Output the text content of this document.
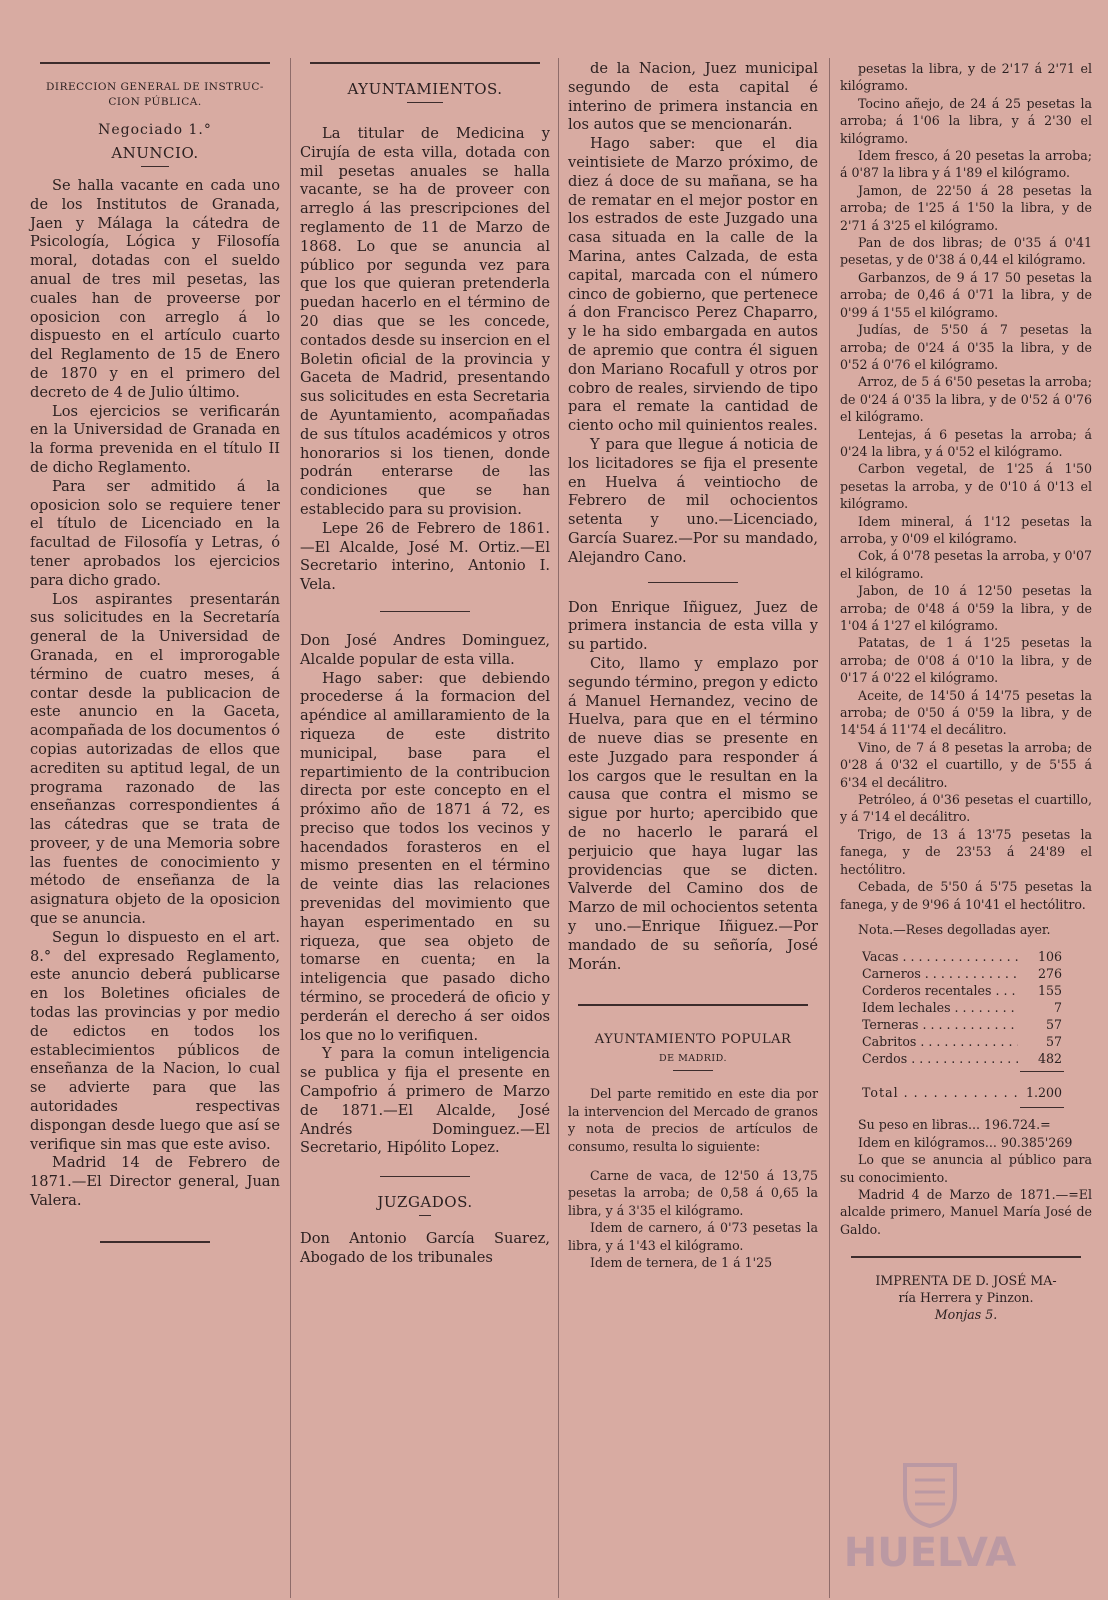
DIRECCION GENERAL DE INSTRUC- CION PÚBLICA.
Negociado 1.°
ANUNCIO.

Se halla vacante en cada uno de los Institutos de Granada, Jaen y Málaga la cátedra de Psicología, Lógica y Filosofía moral, dotadas con el sueldo anual de tres mil pesetas, las cuales han de proveerse por oposicion con arreglo á lo dispuesto en el artículo cuarto del Reglamento de 15 de Enero de 1870 y en el primero del decreto de 4 de Julio último.

Los ejercicios se verificarán en la Universidad de Granada en la forma prevenida en el título II de dicho Reglamento.

Para ser admitido á la oposicion solo se requiere tener el título de Licenciado en la facultad de Filosofía y Letras, ó tener aprobados los ejercicios para dicho grado.

Los aspirantes presentarán sus solicitudes en la Secretaría general de la Universidad de Granada, en el improrogable término de cuatro meses, á contar desde la publicacion de este anuncio en la Gaceta, acompañada de los documentos ó copias autorizadas de ellos que acrediten su aptitud legal, de un programa razonado de las enseñanzas correspondientes á las cátedras que se trata de proveer, y de una Memoria sobre las fuentes de conocimiento y método de enseñanza de la asignatura objeto de la oposicion que se anuncia.

Segun lo dispuesto en el art. 8.° del expresado Reglamento, este anuncio deberá publicarse en los Boletines oficiales de todas las provincias y por medio de edictos en todos los establecimientos públicos de enseñanza de la Nacion, lo cual se advierte para que las autoridades respectivas dispongan desde luego que así se verifique sin mas que este aviso.

Madrid 14 de Febrero de 1871.—El Director general, Juan Valera.

AYUNTAMIENTOS.

La titular de Medicina y Cirujía de esta villa, dotada con mil pesetas anuales se halla vacante, se ha de proveer con arreglo á las prescripciones del reglamento de 11 de Marzo de 1868. Lo que se anuncia al público por segunda vez para que los que quieran pretenderla puedan hacerlo en el término de 20 dias que se les concede, contados desde su insercion en el Boletin oficial de la provincia y Gaceta de Madrid, presentando sus solicitudes en esta Secretaria de Ayuntamiento, acompañadas de sus títulos académicos y otros honorarios si los tienen, donde podrán enterarse de las condiciones que se han establecido para su provision.

Lepe 26 de Febrero de 1861.—El Alcalde, José M. Ortiz.—El Secretario interino, Antonio I. Vela.

Don José Andres Dominguez, Alcalde popular de esta villa.

Hago saber: que debiendo procederse á la formacion del apéndice al amillaramiento de la riqueza de este distrito municipal, base para el repartimiento de la contribucion directa por este concepto en el próximo año de 1871 á 72, es preciso que todos los vecinos y hacendados forasteros en el mismo presenten en el término de veinte dias las relaciones prevenidas del movimiento que hayan esperimentado en su riqueza, que sea objeto de tomarse en cuenta; en la inteligencia que pasado dicho término, se procederá de oficio y perderán el derecho á ser oidos los que no lo verifiquen.

Y para la comun inteligencia se publica y fija el presente en Campofrio á primero de Marzo de 1871.—El Alcalde, José Andrés Dominguez.—El Secretario, Hipólito Lopez.

JUZGADOS.

Don Antonio García Suarez, Abogado de los tribunales

de la Nacion, Juez municipal segundo de esta capital é interino de primera instancia en los autos que se mencionarán.

Hago saber: que el dia veintisiete de Marzo próximo, de diez á doce de su mañana, se ha de rematar en el mejor postor en los estrados de este Juzgado una casa situada en la calle de la Marina, antes Calzada, de esta capital, marcada con el número cinco de gobierno, que pertenece á don Francisco Perez Chaparro, y le ha sido embargada en autos de apremio que contra él siguen don Mariano Rocafull y otros por cobro de reales, sirviendo de tipo para el remate la cantidad de ciento ocho mil quinientos reales.

Y para que llegue á noticia de los licitadores se fija el presente en Huelva á veintiocho de Febrero de mil ochocientos setenta y uno.—Licenciado, García Suarez.—Por su mandado, Alejandro Cano.

Don Enrique Iñiguez, Juez de primera instancia de esta villa y su partido.

Cito, llamo y emplazo por segundo término, pregon y edicto á Manuel Hernandez, vecino de Huelva, para que en el término de nueve dias se presente en este Juzgado para responder á los cargos que le resultan en la causa que contra el mismo se sigue por hurto; apercibido que de no hacerlo le parará el perjuicio que haya lugar las providencias que se dicten. Valverde del Camino dos de Marzo de mil ochocientos setenta y uno.—Enrique Iñiguez.—Por mandado de su señoría, José Morán.

AYUNTAMIENTO POPULAR
DE MADRID.

Del parte remitido en este dia por la intervencion del Mercado de granos y nota de precios de artículos de consumo, resulta lo siguiente:

Carne de vaca, de 12'50 á 13,75 pesetas la arroba; de 0,58 á 0,65 la libra, y á 3'35 el kilógramo.

Idem de carnero, á 0'73 pesetas la libra, y á 1'43 el kilógramo.

Idem de ternera, de 1 á 1'25

pesetas la libra, y de 2'17 á 2'71 el kilógramo.

Tocino añejo, de 24 á 25 pesetas la arroba; á 1'06 la libra, y á 2'30 el kilógramo.

Idem fresco, á 20 pesetas la arroba; á 0'87 la libra y á 1'89 el kilógramo.

Jamon, de 22'50 á 28 pesetas la arroba; de 1'25 á 1'50 la libra, y de 2'71 á 3'25 el kilógramo.

Pan de dos libras; de 0'35 á 0'41 pesetas, y de 0'38 á 0,44 el kilógramo.

Garbanzos, de 9 á 17 50 pesetas la arroba; de 0,46 á 0'71 la libra, y de 0'99 á 1'55 el kilógramo.

Judías, de 5'50 á 7 pesetas la arroba; de 0'24 á 0'35 la libra, y de 0'52 á 0'76 el kilógramo.

Arroz, de 5 á 6'50 pesetas la arroba; de 0'24 á 0'35 la libra, y de 0'52 á 0'76 el kilógramo.

Lentejas, á 6 pesetas la arroba; á 0'24 la libra, y á 0'52 el kilógramo.

Carbon vegetal, de 1'25 á 1'50 pesetas la arroba, y de 0'10 á 0'13 el kilógramo.

Idem mineral, á 1'12 pesetas la arroba, y 0'09 el kilógramo.

Cok, á 0'78 pesetas la arroba, y 0'07 el kilógramo.

Jabon, de 10 á 12'50 pesetas la arroba; de 0'48 á 0'59 la libra, y de 1'04 á 1'27 el kilógramo.

Patatas, de 1 á 1'25 pesetas la arroba; de 0'08 á 0'10 la libra, y de 0'17 á 0'22 el kilógramo.

Aceite, de 14'50 á 14'75 pesetas la arroba; de 0'50 á 0'59 la libra, y de 14'54 á 11'74 el decálitro.

Vino, de 7 á 8 pesetas la arroba; de 0'28 á 0'32 el cuartillo, y de 5'55 á 6'34 el decálitro.

Petróleo, á 0'36 pesetas el cuartillo, y á 7'14 el decálitro.

Trigo, de 13 á 13'75 pesetas la fanega, y de 23'53 á 24'89 el hectólitro.

Cebada, de 5'50 á 5'75 pesetas la fanega, y de 9'96 á 10'41 el hectólitro.

Nota.—Reses degolladas ayer.

Vacas . . .	106
Carneros . . .	276
Corderos recentales . . .	155
Idem lechales . . .	7
Terneras . . .	57
Cabritos . . .	57
Cerdos . . .	482
Total . . .	1.200

Su peso en libras... 196.724.=

Idem en kilógramos... 90.385'269

Lo que se anuncia al público para su conocimiento.

Madrid 4 de Marzo de 1871.—=El alcalde primero, Manuel María José de Galdo.

IMPRENTA DE D. JOSÉ MA-
ría Herrera y Pinzon.
Monjas 5.
HUELVA
